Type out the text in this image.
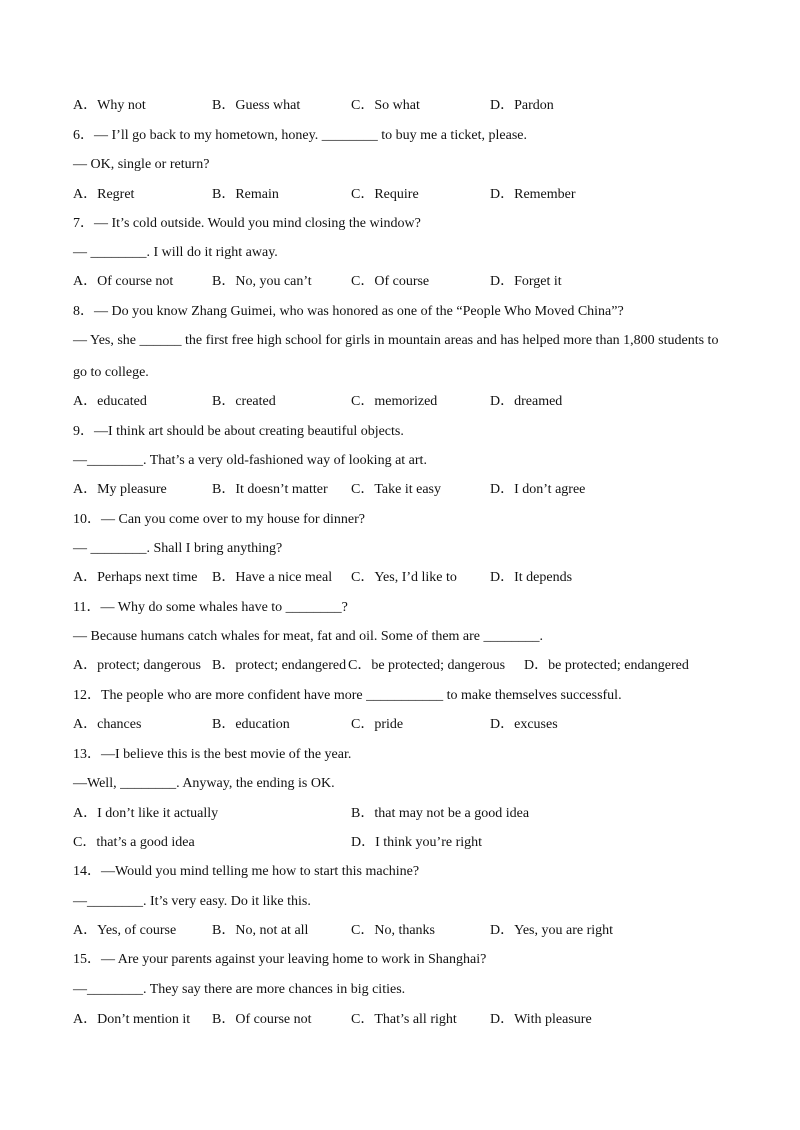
A．Why not	B．Guess what	C．So what	D．Pardon
6．— I’ll go back to my hometown, honey. ________ to buy me a ticket, please.
— OK, single or return?
A．Regret	B．Remain	C．Require	D．Remember
7．— It’s cold outside. Would you mind closing the window?
— ________. I will do it right away.
A．Of course not	B．No, you can’t	C．Of course	D．Forget it
8．— Do you know Zhang Guimei, who was honored as one of the “People Who Moved China”?
— Yes, she ______ the first free high school for girls in mountain areas and has helped more than 1,800 students to
go to college.
A．educated	B．created	C．memorized	D．dreamed
9．—I think art should be about creating beautiful objects.
—________. That’s a very old-fashioned way of looking at art.
A．My pleasure	B．It doesn’t matter C．Take it easy	D．I don’t agree
10．— Can you come over to my house for dinner?
— ________. Shall I bring anything?
A．Perhaps next time B．Have a nice meal C．Yes, I’d like to D．It depends
11．— Why do some whales have to ________?
— Because humans catch whales for meat, fat and oil. Some of them are ________.
A．protect; dangerous B．protect; endangered C．be protected; dangerous D．be protected; endangered
12．The people who are more confident have more ___________ to make themselves successful.
A．chances	B．education	C．pride	D．excuses
13．—I believe this is the best movie of the year.
—Well, ________. Anyway, the ending is OK.
A．I don’t like it actually	B．that may not be a good idea
C．that’s a good idea	D．I think you’re right
14．—Would you mind telling me how to start this machine?
—________. It’s very easy. Do it like this.
A．Yes, of course	B．No, not at all	C．No, thanks	D．Yes, you are right
15．— Are your parents against your leaving home to work in Shanghai?
—________. They say there are more chances in big cities.
A．Don’t mention it B．Of course not	C．That’s all right D．With pleasure
